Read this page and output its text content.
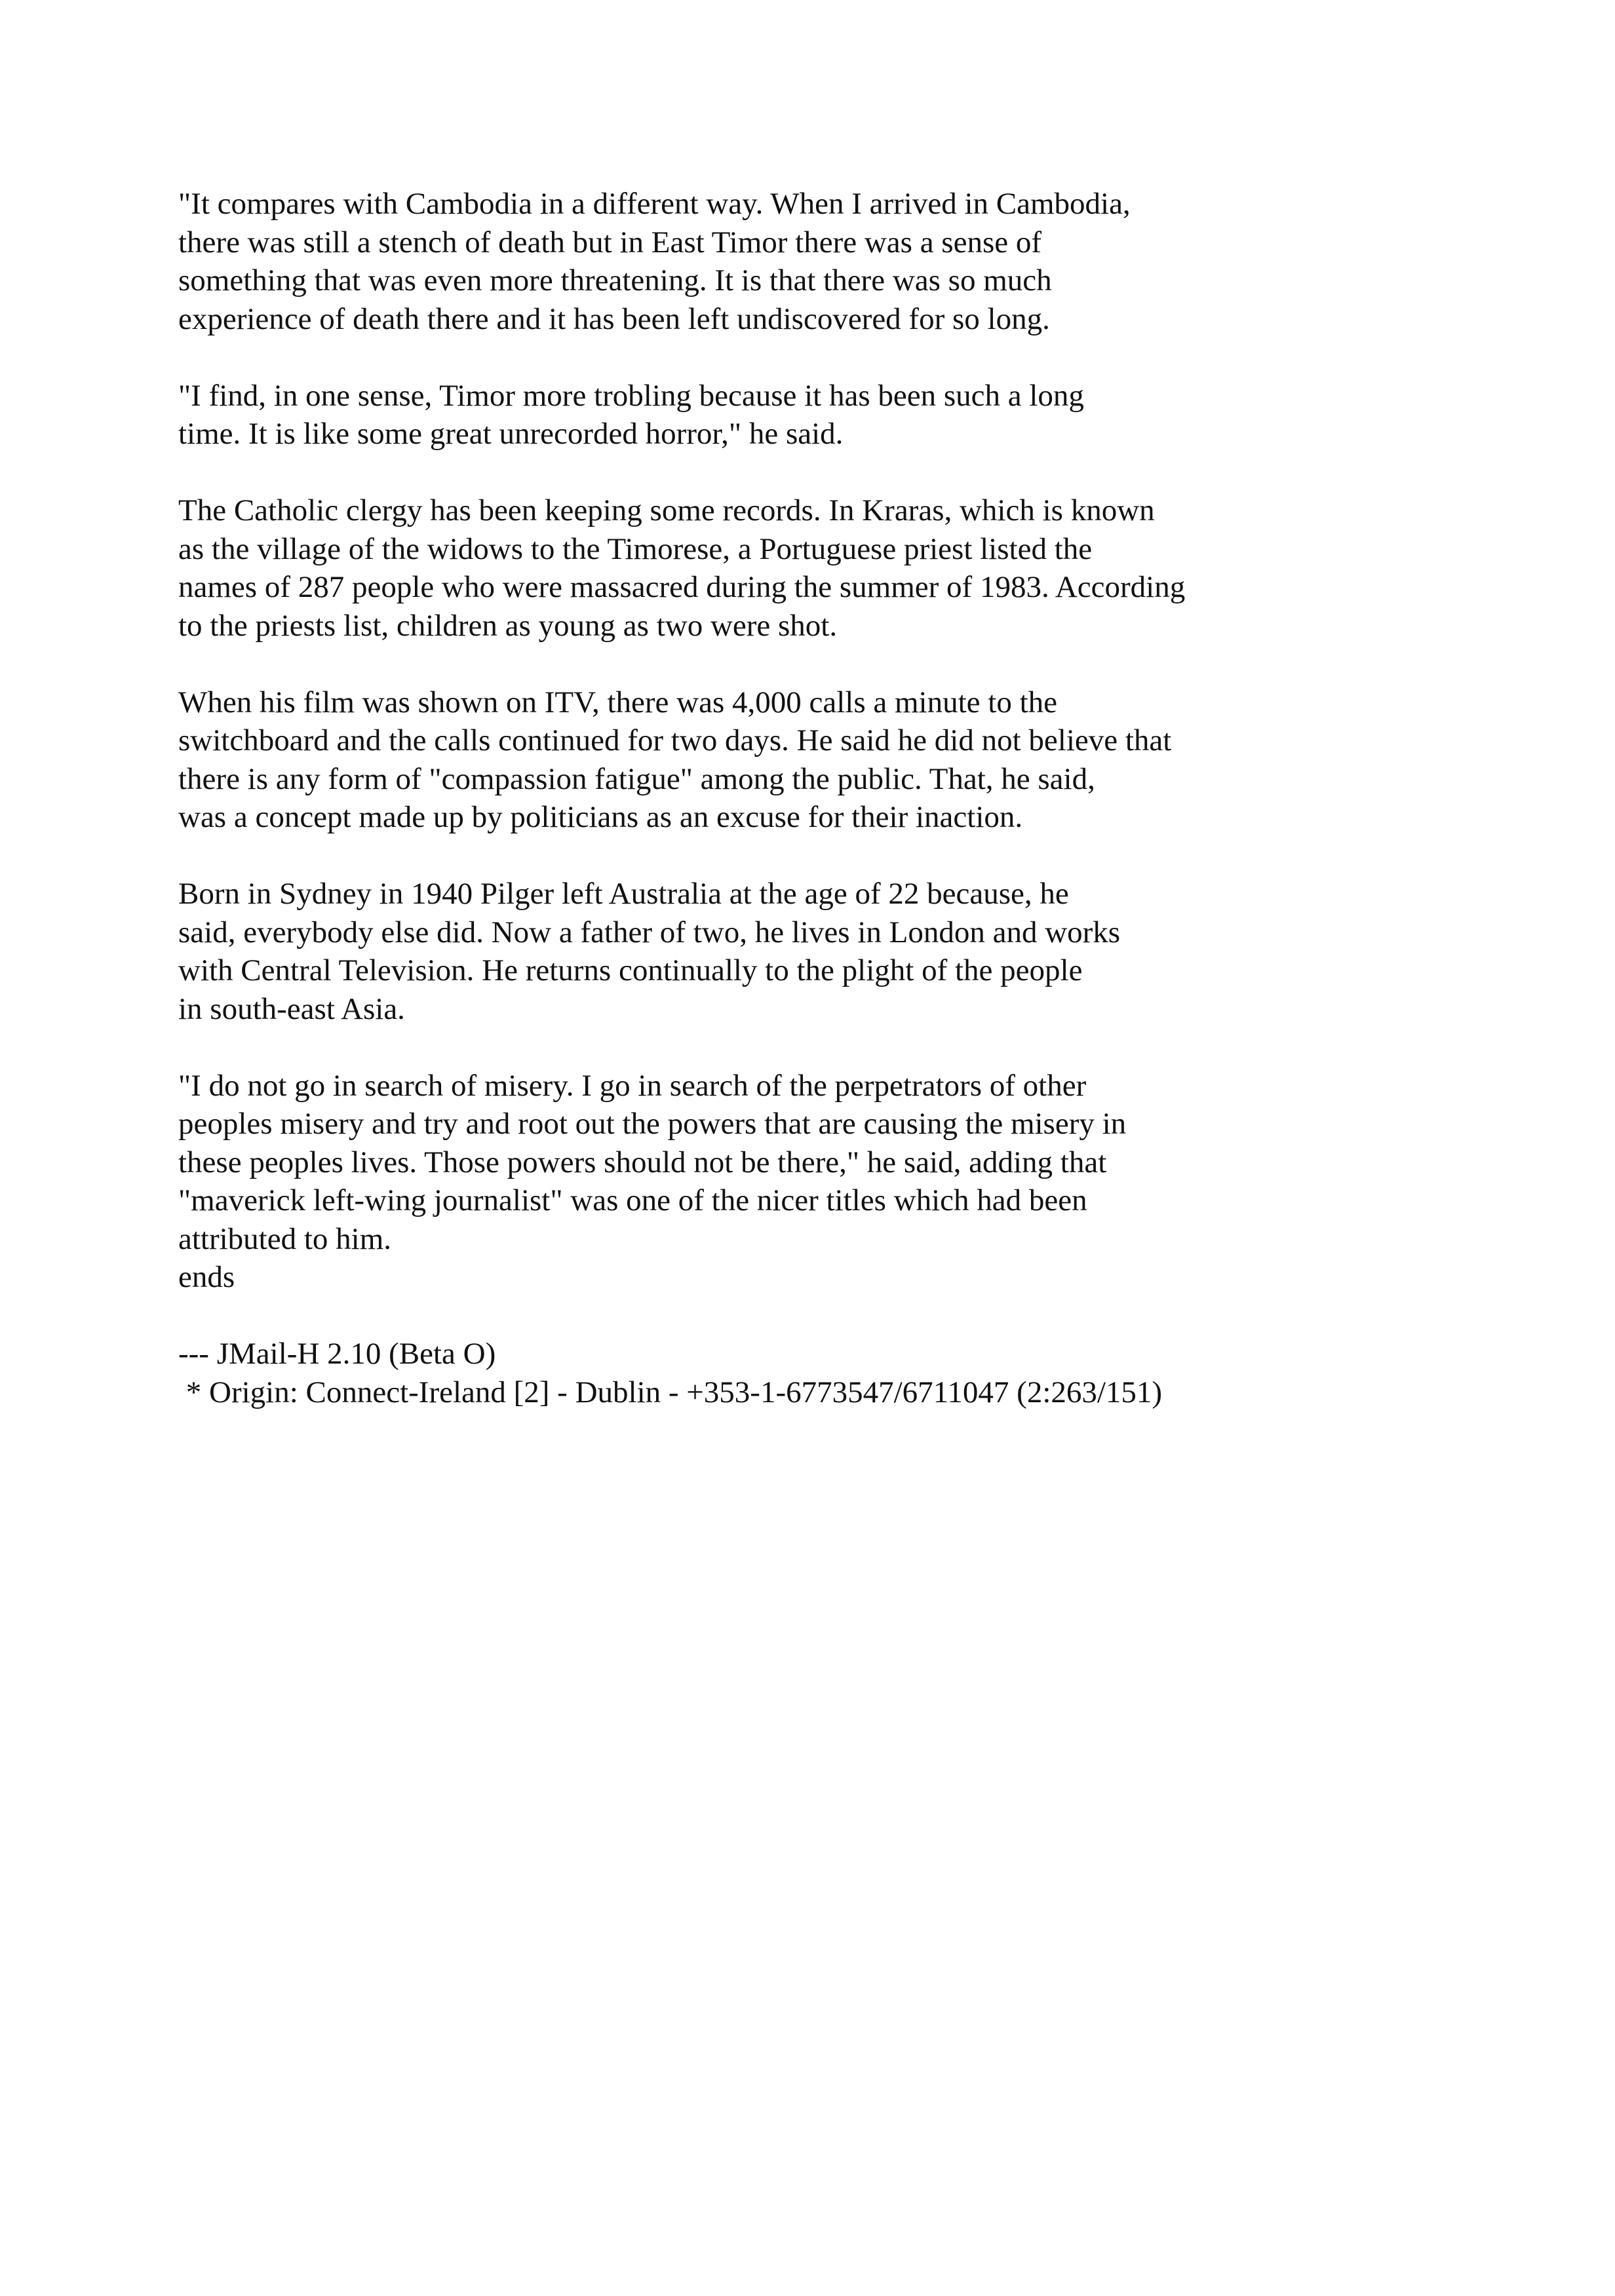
"It compares with Cambodia in a different way. When I arrived in Cambodia,
there was still a stench of death but in East Timor there was a sense of
something that was even more threatening. It is that there was so much
experience of death there and it has been left undiscovered for so long.

"I find, in one sense, Timor more trobling because it has been such a long
time. It is like some great unrecorded horror," he said.

The Catholic clergy has been keeping some records. In Kraras, which is known
as the village of the widows to the Timorese, a Portuguese priest listed the
names of 287 people who were massacred during the summer of 1983. According
to the priests list, children as young as two were shot.

When his film was shown on ITV, there was 4,000 calls a minute to the
switchboard and the calls continued for two days. He said he did not believe that
there is any form of "compassion fatigue" among the public. That, he said,
was a concept made up by politicians as an excuse for their inaction.

Born in Sydney in 1940 Pilger left Australia at the age of 22 because, he
said, everybody else did. Now a father of two, he lives in London and works
with Central Television. He returns continually to the plight of the people
in south-east Asia.

"I do not go in search of misery. I go in search of the perpetrators of other
peoples misery and try and root out the powers that are causing the misery in
these peoples lives. Those powers should not be there," he said, adding that
"maverick left-wing journalist" was one of the nicer titles which had been
attributed to him.
ends

--- JMail-H 2.10 (Beta O)
* Origin: Connect-Ireland [2] - Dublin - +353-1-6773547/6711047 (2:263/151)
